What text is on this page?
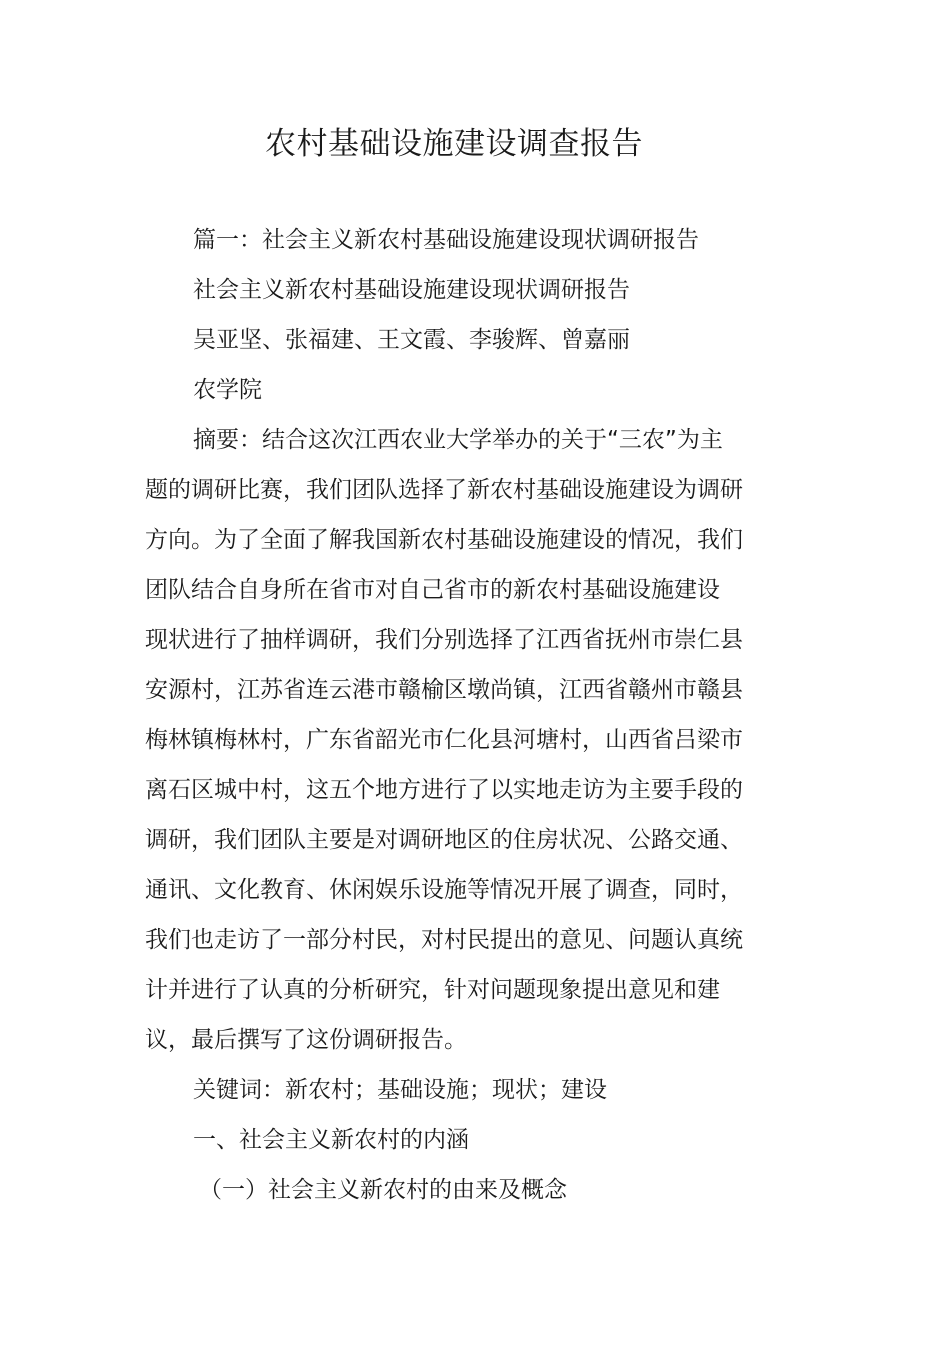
农村基础设施建设调查报告

篇一：社会主义新农村基础设施建设现状调研报告

社会主义新农村基础设施建设现状调研报告

吴亚坚、张福建、王文霞、李骏辉、曾嘉丽

农学院

摘要：结合这次江西农业大学举办的关于“三农”为主

题的调研比赛，我们团队选择了新农村基础设施建设为调研

方向。为了全面了解我国新农村基础设施建设的情况，我们

团队结合自身所在省市对自己省市的新农村基础设施建设

现状进行了抽样调研，我们分别选择了江西省抚州市崇仁县

安源村，江苏省连云港市赣榆区墩尚镇，江西省赣州市赣县

梅林镇梅林村，广东省韶光市仁化县河塘村，山西省吕梁市

离石区城中村，这五个地方进行了以实地走访为主要手段的

调研，我们团队主要是对调研地区的住房状况、公路交通、

通讯、文化教育、休闲娱乐设施等情况开展了调查，同时，

我们也走访了一部分村民，对村民提出的意见、问题认真统

计并进行了认真的分析研究，针对问题现象提出意见和建

议，最后撰写了这份调研报告。

关键词：新农村；基础设施；现状；建设

一、社会主义新农村的内涵

（一）社会主义新农村的由来及概念
